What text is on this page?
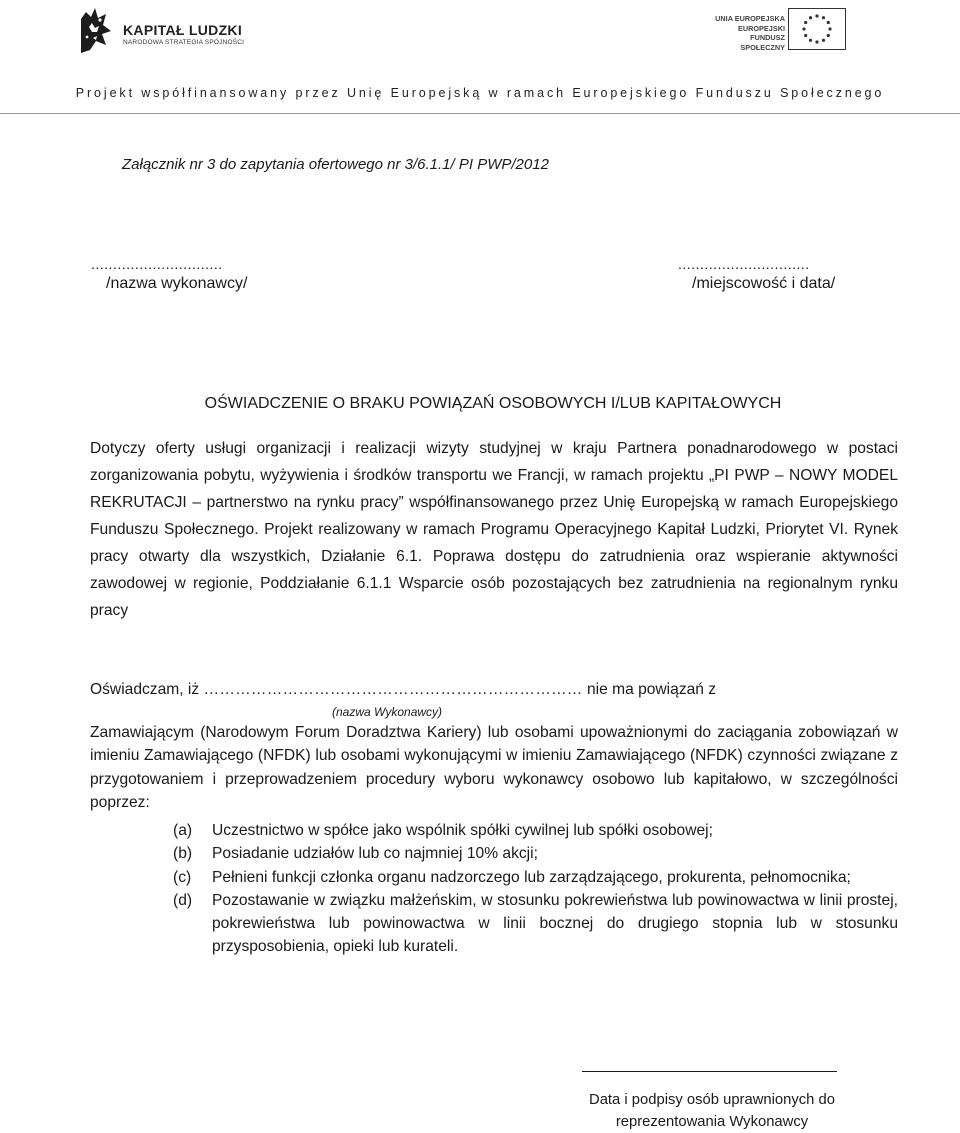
KAPITAŁ LUDZKI
NARODOWA STRATEGIA SPÓJNOŚCI
UNIA EUROPEJSKA
EUROPEJSKI
FUNDUSZ SPOŁECZNY
Projekt współfinansowany przez Unię Europejską w ramach Europejskiego Funduszu Społecznego
Załącznik nr 3 do zapytania ofertowego nr 3/6.1.1/ PI PWP/2012
..............................
/nazwa wykonawcy/
..............................
/miejscowość i data/
OŚWIADCZENIE O BRAKU POWIĄZAŃ OSOBOWYCH I/LUB KAPITAŁOWYCH
Dotyczy oferty usługi organizacji i realizacji wizyty studyjnej w kraju Partnera ponadnarodowego w postaci zorganizowania pobytu, wyżywienia i środków transportu we Francji, w ramach projektu „PI PWP – NOWY MODEL REKRUTACJI – partnerstwo na rynku pracy” współfinansowanego przez Unię Europejską w ramach Europejskiego Funduszu Społecznego. Projekt realizowany w ramach Programu Operacyjnego Kapitał Ludzki, Priorytet VI. Rynek pracy otwarty dla wszystkich, Działanie 6.1. Poprawa dostępu do zatrudnienia oraz wspieranie aktywności zawodowej w regionie, Poddziałanie 6.1.1 Wsparcie osób pozostających bez zatrudnienia na regionalnym rynku pracy
Oświadczam, iż ……………………………………………………………… nie ma powiązań z
(nazwa Wykonawcy)
Zamawiającym (Narodowym Forum Doradztwa Kariery) lub osobami upoważnionymi do zaciągania zobowiązań w imieniu Zamawiającego (NFDK) lub osobami wykonującymi w imieniu Zamawiającego (NFDK) czynności związane z przygotowaniem i przeprowadzeniem procedury wyboru wykonawcy osobowo lub kapitałowo, w szczególności poprzez:
(a) Uczestnictwo w spółce jako wspólnik spółki cywilnej lub spółki osobowej;
(b) Posiadanie udziałów lub co najmniej 10% akcji;
(c) Pełnieni funkcji członka organu nadzorczego lub zarządzającego, prokurenta, pełnomocnika;
(d) Pozostawanie w związku małżeńskim, w stosunku pokrewieństwa lub powinowactwa w linii prostej, pokrewieństwa lub powinowactwa w linii bocznej do drugiego stopnia lub w stosunku przysposobienia, opieki lub kurateli.
Data i podpisy osób uprawnionych do
reprezentowania Wykonawcy
